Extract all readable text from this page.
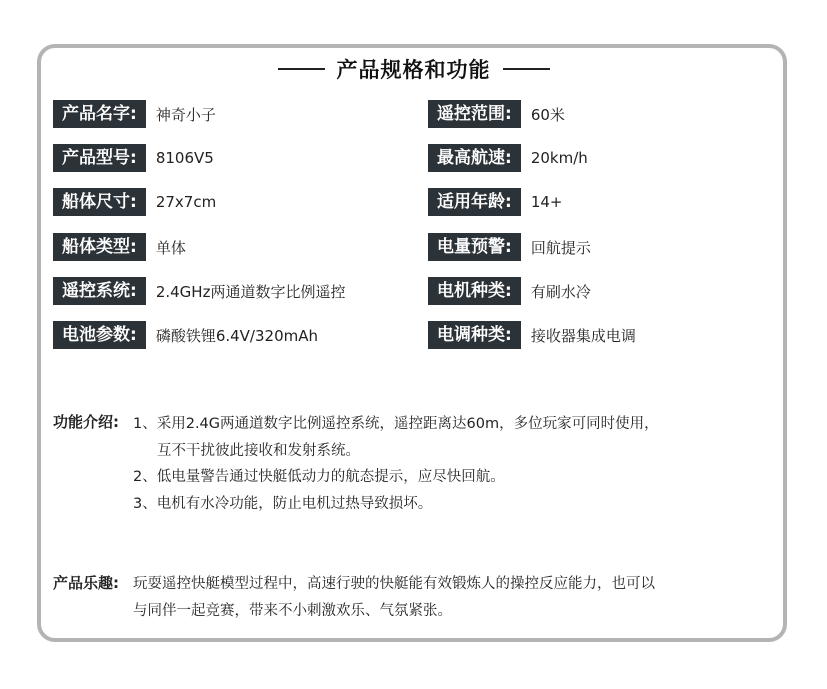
产品规格和功能
产品名字:	神奇小子
产品型号:	8106V5
船体尺寸:	27x7cm
船体类型:	单体
遥控系统:	2.4GHz两通道数字比例遥控
电池参数:	磷酸铁锂6.4V/320mAh
遥控范围:	60米
最高航速:	20km/h
适用年龄:	14+
电量预警:	回航提示
电机种类:	有刷水冷
电调种类:	接收器集成电调
功能介绍: 1、采用2.4G两通道数字比例遥控系统，遥控距离达60m，多位玩家可同时使用，
互不干扰彼此接收和发射系统。
2、低电量警告通过快艇低动力的航态提示，应尽快回航。
3、电机有水冷功能，防止电机过热导致损坏。
产品乐趣: 玩耍遥控快艇模型过程中，高速行驶的快艇能有效锻炼人的操控反应能力，也可以
与同伴一起竞赛，带来不小刺激欢乐、气氛紧张。
